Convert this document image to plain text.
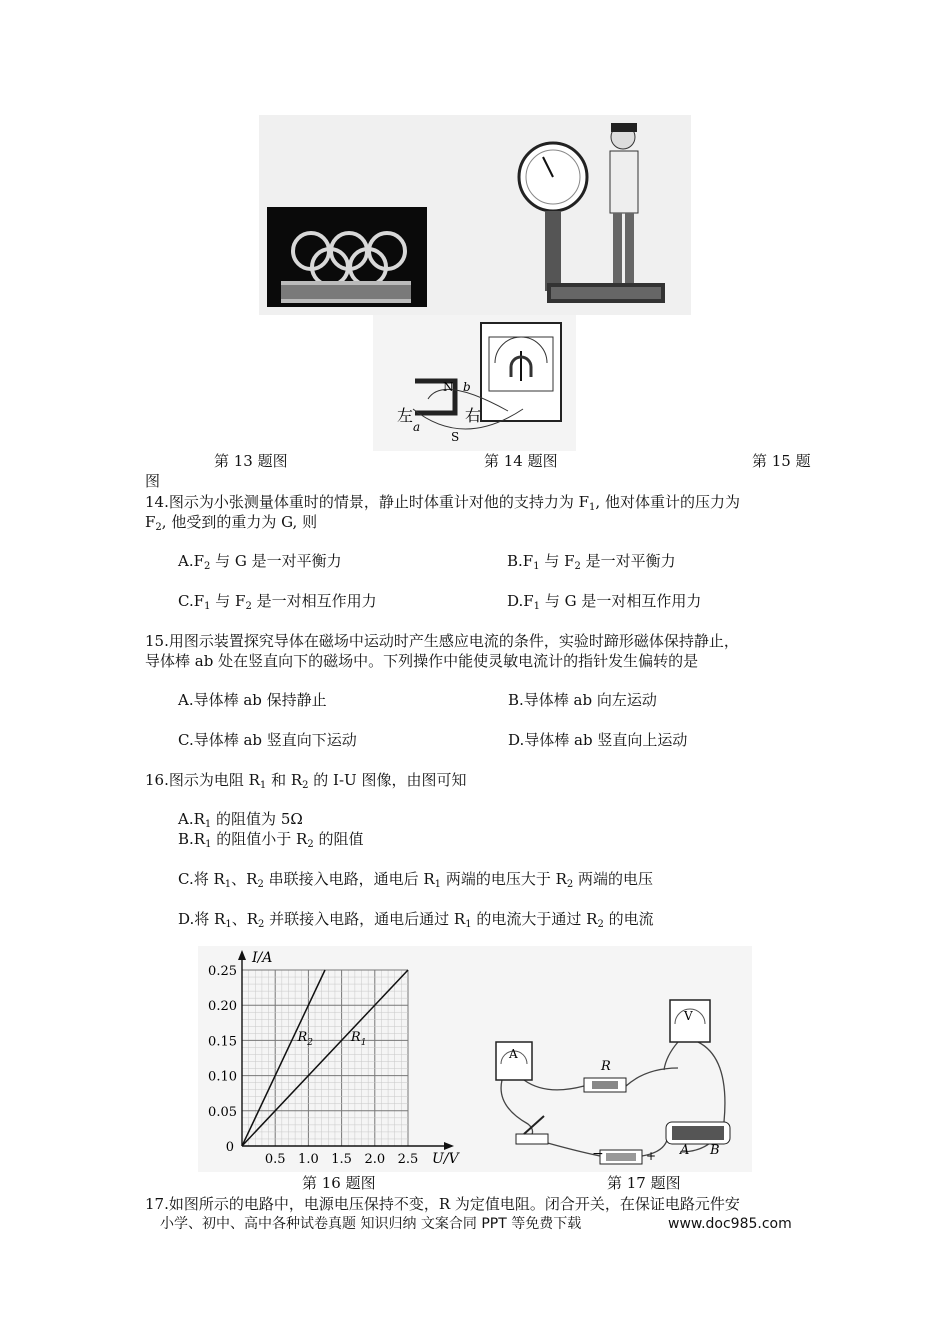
左	右
N
S
a
b
第 13 题图	第 14 题图	第 15 题
图
14.图示为小张测量体重时的情景，静止时体重计对他的支持力为 $F_1$, 他对体重计的压力为
$F_2$, 他受到的重力为 G, 则
$A.F_2$ 与 G 是一对平衡力	$B.F_1$ 与 $F_2$ 是一对平衡力
$C.F_1$ 与 $F_2$ 是一对相互作用力	$D.F_1$ 与 G 是一对相互作用力
15.用图示装置探究导体在磁场中运动时产生感应电流的条件，实验时蹄形磁体保持静止，
导体棒 ab 处在竖直向下的磁场中。下列操作中能使灵敏电流计的指针发生偏转的是
A.导体棒 ab 保持静止	B.导体棒 ab 向左运动
C.导体棒 ab 竖直向下运动	D.导体棒 ab 竖直向上运动
16.图示为电阻 $R_1$ 和 $R_2$ 的 I-U 图像，由图可知
$A.R_1$ 的阻值为 5Ω
$B.R_1$ 的阻值小于 $R_2$ 的阻值
C.将 $R_1$、$R_2$ 串联接入电路，通电后 $R_1$ 两端的电压大于 $R_2$ 两端的电压
D.将 $R_1$、$R_2$ 并联接入电路，通电后通过 $R_1$ 的电流大于通过 $R_2$ 的电流
0.5 1.0 1.5 2.0 2.5
0.05
0.10
0.15
0.20
0.25
0
I/A
U/V
$R_2$	$R_1$
A
V
R
A B
−	+
第 16 题图	第 17 题图
17.如图所示的电路中，电源电压保持不变，R 为定值电阻。闭合开关，在保证电路元件安
小学、初中、高中各种试卷真题 知识归纳 文案合同 PPT 等免费下载	www.doc985.com
